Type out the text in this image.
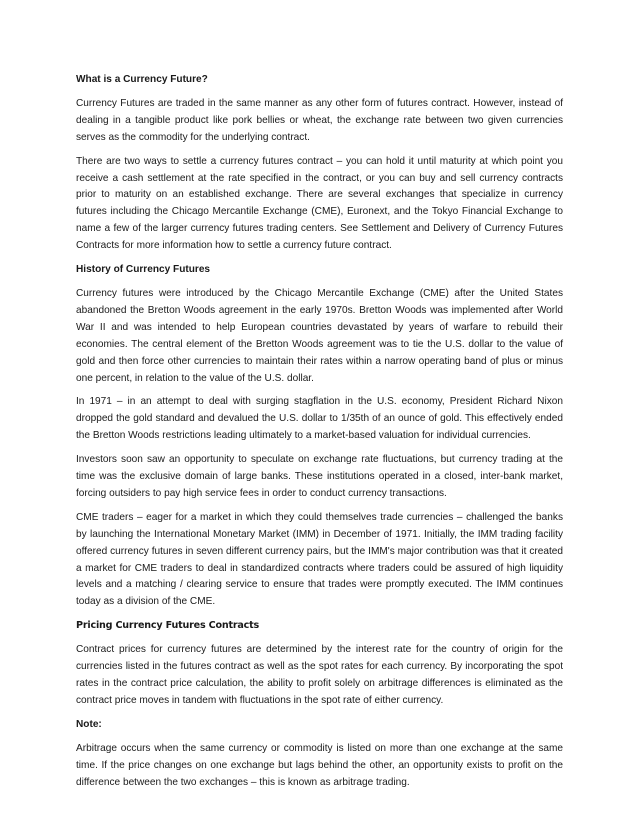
What is a Currency Future?

Currency Futures are traded in the same manner as any other form of futures contract. However, instead of dealing in a tangible product like pork bellies or wheat, the exchange rate between two given currencies serves as the commodity for the underlying contract.

There are two ways to settle a currency futures contract – you can hold it until maturity at which point you receive a cash settlement at the rate specified in the contract, or you can buy and sell currency contracts prior to maturity on an established exchange. There are several exchanges that specialize in currency futures including the Chicago Mercantile Exchange (CME), Euronext, and the Tokyo Financial Exchange to name a few of the larger currency futures trading centers. See Settlement and Delivery of Currency Futures Contracts for more information how to settle a currency future contract.

History of Currency Futures

Currency futures were introduced by the Chicago Mercantile Exchange (CME) after the United States abandoned the Bretton Woods agreement in the early 1970s. Bretton Woods was implemented after World War II and was intended to help European countries devastated by years of warfare to rebuild their economies. The central element of the Bretton Woods agreement was to tie the U.S. dollar to the value of gold and then force other currencies to maintain their rates within a narrow operating band of plus or minus one percent, in relation to the value of the U.S. dollar.

In 1971 – in an attempt to deal with surging stagflation in the U.S. economy, President Richard Nixon dropped the gold standard and devalued the U.S. dollar to 1/35th of an ounce of gold. This effectively ended the Bretton Woods restrictions leading ultimately to a market-based valuation for individual currencies.

Investors soon saw an opportunity to speculate on exchange rate fluctuations, but currency trading at the time was the exclusive domain of large banks. These institutions operated in a closed, inter-bank market, forcing outsiders to pay high service fees in order to conduct currency transactions.

CME traders – eager for a market in which they could themselves trade currencies – challenged the banks by launching the International Monetary Market (IMM) in December of 1971. Initially, the IMM trading facility offered currency futures in seven different currency pairs, but the IMM's major contribution was that it created a market for CME traders to deal in standardized contracts where traders could be assured of high liquidity levels and a matching / clearing service to ensure that trades were promptly executed. The IMM continues today as a division of the CME.

Pricing Currency Futures Contracts

Contract prices for currency futures are determined by the interest rate for the country of origin for the currencies listed in the futures contract as well as the spot rates for each currency. By incorporating the spot rates in the contract price calculation, the ability to profit solely on arbitrage differences is eliminated as the contract price moves in tandem with fluctuations in the spot rate of either currency.

Note:

Arbitrage occurs when the same currency or commodity is listed on more than one exchange at the same time. If the price changes on one exchange but lags behind the other, an opportunity exists to profit on the difference between the two exchanges – this is known as arbitrage trading.
